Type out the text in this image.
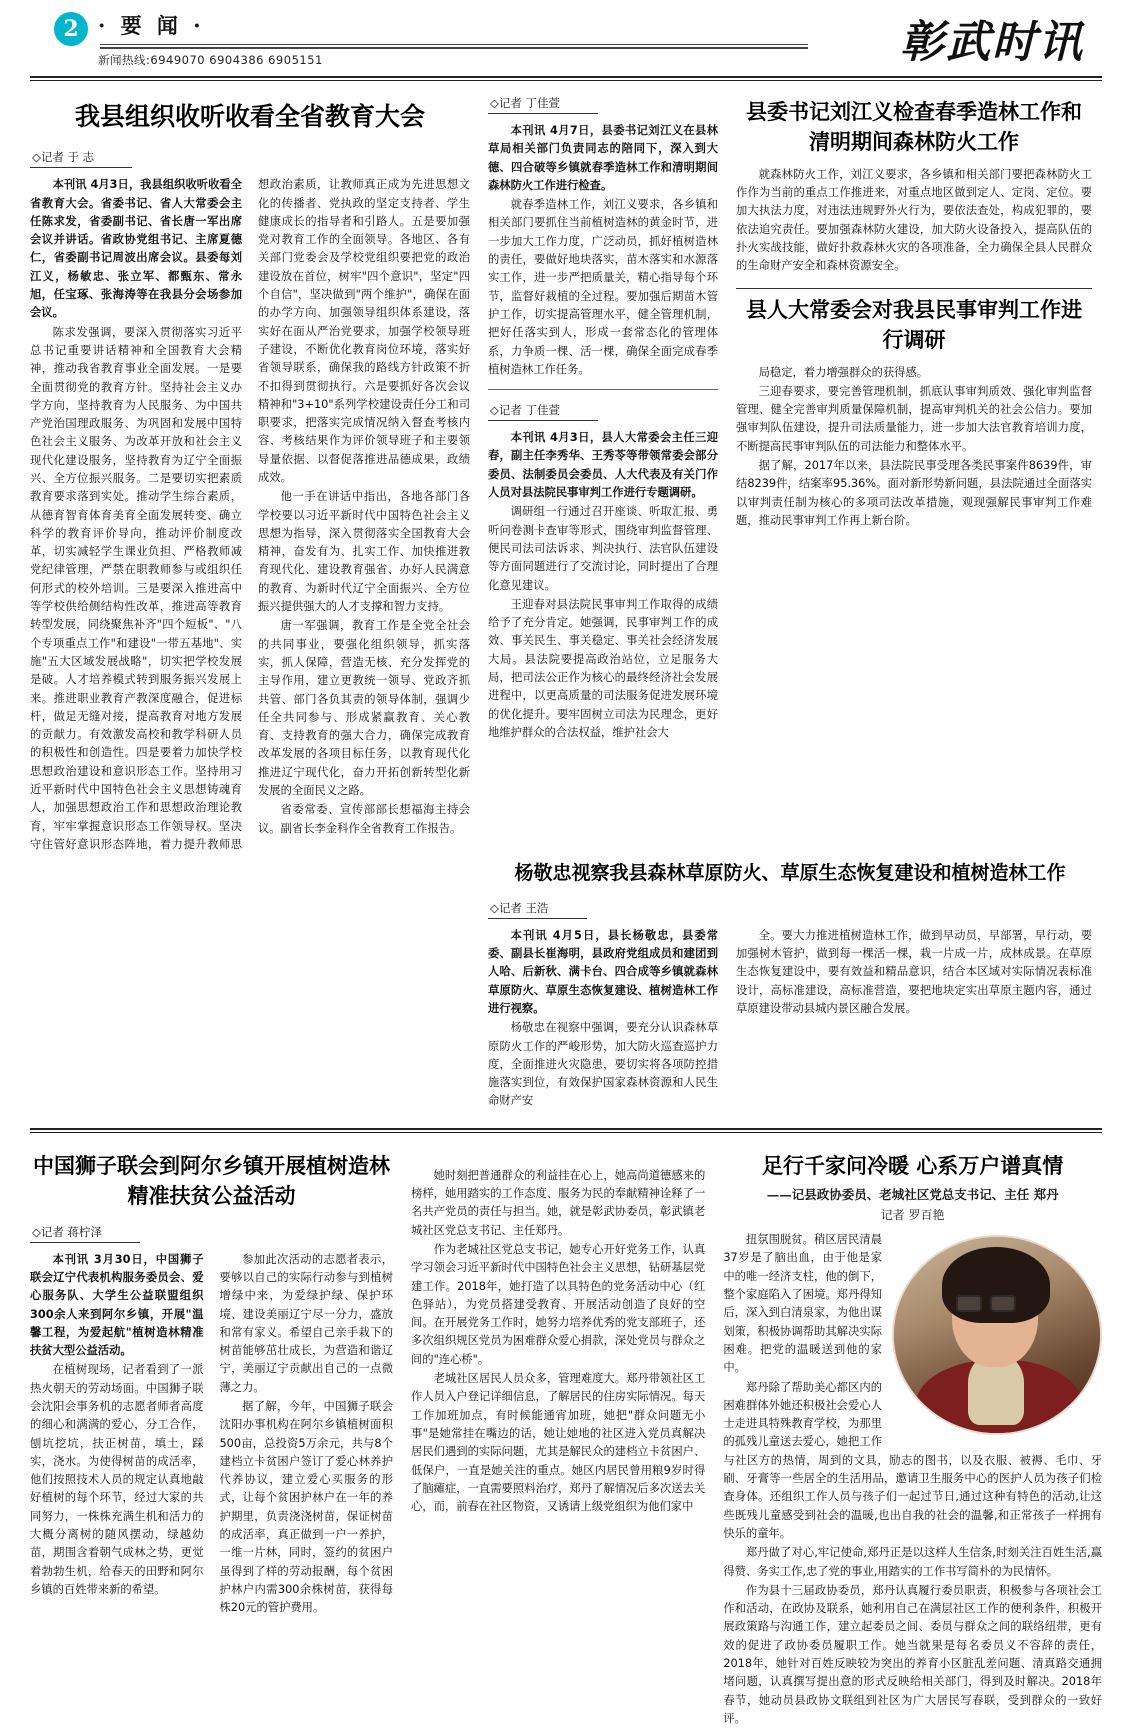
2 · 要 闻 ·
新闻热线:6949070 6904386 6905151	彰武时讯
我县组织收听收看全省教育大会
◇记者 于 志

本刊讯 4月3日，我县组织收听收看全省教育大会。省委书记、省人大常委会主任陈求发，省委副书记、省长唐一军出席会议并讲话。省政协党组书记、主席夏德仁，省委副书记周波出席会议。县委每刘江义，杨敏忠、张立军、都甄东、常永旭，任宝琢、张海涛等在我县分会场参加会议。

陈求发强调，要深入贯彻落实习近平总书记重要讲话精神和全国教育大会精神，推动我省教育事业全面发展。一是要全面贯彻党的教育方针。坚持社会主义办学方向，坚持教育为人民服务、为中国共产党治国理政服务、为巩固和发展中国特色社会主义服务、为改革开放和社会主义现代化建设服务，坚持教育为辽宁全面振兴、全方位振兴服务。二是要切实把素质教育要求落到实处。推动学生综合素质，从德育智育体育美育全面发展转变、确立科学的教育评价导向，推动评价制度改革，切实减轻学生课业负担、严格教师减党纪律管理，严禁在职教师参与或组织任何形式的校外培训。三是要深入推进高中等学校供给侧结构性改革，推进高等教育转型发展，同绕聚焦补齐"四个短板"、"八个专项重点工作"和建设"一带五基地"、实施"五大区域发展战略"，切实把学校发展是破。人才培养模式转到服务振兴发展上来。推进职业教育产教深度融合，促进标杆，做足无缝对接，提高教育对地方发展的贡献力。有效激发高校和教学科研人员的积极性和创造性。四是要着力加快学校思想政治建设和意识形态工作。坚持用习近平新时代中国特色社会主义思想铸魂育人，加强思想政治工作和思想政治理论教育，牢牢掌握意识形态工作领导权。坚决守住管好意识形态阵地，着力提升教师思想政治素质，让教师真正成为先进思想文化的传播者、党执政的坚定支持者、学生健康成长的指导者和引路人。五是要加强党对教育工作的全面领导。各地区、各有关部门党委会及学校党组织要把党的政治建设放在首位，树牢"四个意识"，坚定"四个自信"，坚决做到"两个维护"，确保在面的办学方向、加强领导组织体系建设，落实好在面从严治党要求，加强学校领导班子建设，不断优化教育岗位环境，落实好省领导联系，确保我的路线方针政策不折不扣得到贯彻执行。六是要抓好各次会议精神和"3+10"系列学校建设责任分工和司职要求，把落实完成情况纳入督查考核内容、考核结果作为评价领导班子和主要领导量依据、以督促落推进品德成果，政绩成效。

他一手在讲话中指出，各地各部门各学校要以习近平新时代中国特色社会主义思想为指导，深入贯彻落实全国教育大会精神，奋发有为、扎实工作、加快推进教育现代化、建设教育强省、办好人民满意的教育、为新时代辽宁全面振兴、全方位振兴提供强大的人才支撑和智力支持。

唐一军强调，教育工作是全党全社会的共同事业，要强化组织领导，抓实落实，抓人保障，营造无核、充分发挥党的主导作用，建立更教统一领导、党政齐抓共管、部门各负其责的领导体制，强调少任全共同参与、形成紧赢教育、关心教育、支持教育的强大合力，确保完成教育改革发展的各项目标任务，以教育现代化推进辽宁现代化，奋力开拓创新转型化新发展的全面民义之路。

省委常委、宣传部部长想福海主持会议。副省长李金科作全省教育工作报告。

◇记者 丁佳萱

本刊讯 4月7日，县委书记刘江义在县林草局相关部门负责同志的陪同下，深入到大德、四合破等乡镇就春季造林工作和清明期间森林防火工作进行检查。

就春季造林工作，刘江义要求，各乡镇和相关部门要抓住当前植树造林的黄金时节，进一步加大工作力度，广泛动员，抓好植树造林的责任，要做好地块落实，苗木落实和水源落实工作，进一步严把质量关，精心指导每个环节，监督好栽植的全过程。要加强后期苗木管护工作，切实提高管理水平，健全管理机制，把好任落实到人，形成一套常态化的管理体系，力争质一棵、活一棵，确保全面完成春季植树造林工作任务。

◇记者 丁佳萱

本刊讯 4月3日，县人大常委会主任三迎春，副主任李秀华、王秀苓等带领常委会部分委员、法制委员会委员、人大代表及有关门作人员对县法院民事审判工作进行专题调研。

调研组一行通过召开座谈、听取汇报、勇听问卷测卡查审等形式，围绕审判监督管理、便民司法司法诉求、判决执行、法官队伍建设等方面同题进行了交流讨论，同时提出了合理化意见建议。

王迎春对县法院民事审判工作取得的成绩给予了充分肯定。她强调，民事审判工作的成效、事关民生、事关稳定、事关社会经济发展大局。县法院要提高政治站位，立足服务大局，把司法公正作为核心的最终经济社会发展进程中，以更高质量的司法服务促进发展环境的优化提升。要牢固树立司法为民理念，更好地维护群众的合法权益，维护社会大

县委书记刘江义检查春季造林工作和清明期间森林防火工作

就森林防火工作，刘江义要求，各乡镇和相关部门要把森林防火工作作为当前的重点工作推进来，对重点地区做到定人、定岗、定位。要加大执法力度，对违法违规野外火行为，要依法查处，构成犯罪的，要依法追究责任。要加强森林防火建设，加大防火设备投入，提高队伍的扑火实战技能，做好扑救森林火灾的各项准备，全力确保全县人民群众的生命财产安全和森林资源安全。

县人大常委会对我县民事审判工作进行调研

局稳定，着力增强群众的获得感。

三迎春要求，要完善管理机制，抓底认事审判质效、强化审判监督管理、健全完善审判质量保障机制，提高审判机关的社会公信力。要加强审判队伍建设，提升司法质量能力，进一步加大法官教育培训力度，不断提高民事审判队伍的司法能力和整体水平。

据了解，2017年以来，县法院民事受理各类民事案件8639件，审结8239件，结案率95.36%。面对新形势新问题，县法院通过全面落实以审判责任制为核心的多项司法改革措施，观现强解民事审判工作难题，推动民事审判工作再上新台阶。

杨敬忠视察我县森林草原防火、草原生态恢复建设和植树造林工作
◇记者 王浩

本刊讯 4月5日，县长杨敬忠，县委常委、副县长崔海明，县政府党组成员和建团到人哈、后新秋、满卡台、四合成等乡镇就森林草原防火、草原生态恢复建设、植树造林工作进行视察。

杨敬忠在视察中强调，要充分认识森林草原防火工作的严峻形势，加大防火巡查巡护力度，全面推进火灾隐患，要切实将各项防控措施落实到位，有效保护国家森林资源和人民生命财产安

全。要大力推进植树造林工作，做到早动员，早部署，早行动，要加强树木管护，做到每一棵活一棵，栽一片成一片，成林成景。在草原生态恢复建设中，要有效益和精品意识，结合本区域对实际情况表标准设计，高标准建设，高标准营造，要把地块定实出草原主题内容，通过草原建设带动县城内景区融合发展。

中国狮子联会到阿尔乡镇开展植树造林精准扶贫公益活动
◇记者 蒋柠泽

本刊讯 3月30日，中国狮子联会辽宁代表机构服务委员会、爱心服务队、大学生公益联盟组织300余人来到阿尔乡镇，开展"温馨工程，为爱起航"植树造林精准扶贫大型公益活动。

在植树现场，记者看到了一派热火朝天的劳动场面。中国狮子联会沈阳会事务机的志愿者师者高度的细心和满满的爱心，分工合作，刨坑挖坑，扶正树苗，填土，踩实，浇水。为使得树苗的成活率，他们按照技术人员的规定认真地敲好植树的每个环节，经过大家的共同努力，一株株充满生机和活力的大概分离树的随风摆动，绿越幼苗，期围含着朝气成林之势，更觉着勃勃生机，给春天的田野和阿尔乡镇的百姓带来新的希望。

参加此次活动的志愿者表示，要够以自己的实际行动参与到植树增绿中来，为爱绿护绿、保护环境、建设美丽辽宁尽一分力，盛放和常有家义。希望自己亲手栽下的树苗能够茁壮成长，为营造和谐辽宁，美丽辽宁贡献出自己的一点微薄之力。

据了解，今年，中国狮子联会沈阳办事机构在阿尔乡镇植树面积500亩，总投资5万余元，共与8个建档立卡贫困户签订了爱心林养护代养协议，建立爱心买服务的形式，让每个贫困护林户在一年的养护期里，负责浇浇树苗，保证树苗的成活率，真正做到一户一养护，一维一片林，同时，签约的贫困户虽得到了样的劳动报酬，每个贫困护林户内需300余株树苗，获得每株20元的管护费用。

她时刻把普通群众的利益挂在心上，她高尚道德感来的榜样，她用踏实的工作态度、服务为民的奉献精神诠释了一名共产党员的责任与担当。她，就是彰武协委员，彰武镇老城社区党总支书记、主任郑丹。

作为老城社区党总支书记，她专心开好党务工作，认真学习领会习近平新时代中国特色社会主义思想，钻研基层党建工作。2018年，她打造了以具特色的党务活动中心（红色驿站），为党员搭建受教育、开展活动创造了良好的空间。在开展党务工作时，她努力培养优秀的党支部班子，还多次组织规区党员为困难群众爱心捐款，深处党员与群众之间的"连心桥"。

老城社区居民人员众多，管理难度大。郑丹带领社区工作人员入户登记详细信息，了解居民的住房实际情况。每天工作加班加点，有时候能通宵加班，她把"群众问题无小事"是她常挂在嘴边的话，她让她地的社区进入党员真解决居民们遇到的实际问题，尤其是解民众的建档立卡贫困户、低保户，一直是她关注的重点。她区内居民曾用粮9岁时得了脑瘫症，一直需要照料治疗，郑丹了解情况后多次送去关心，而，前春在社区物资，又诱请上级党组织为他们家中

足行千家问冷暖 心系万户谱真情
——记县政协委员、老城社区党总支书记、主任 郑丹
记者 罗百艳

扭氛围脱贫。稍区居民清晨37岁是了脑出血，由于他是家中的唯一经济支柱，他的倒下，整个家庭陷入了困境。郑丹得知后，深入到白清泉家，为他出谋划策，积极协调帮助其解决实际困难。把党的温暖送到他的家中。

郑丹除了帮助美心都区内的困难群体外她还积极社会爱心人士走进具特殊教育学校，为那里的孤残儿童送去爱心，她把工作与社区方的热情，周到的文具，励志的图书，以及衣服、被褥、毛巾、牙刷、牙膏等一些居全的生活用品，邀请卫生服务中心的医护人员为孩子们检查身体。还组织工作人员与孩子们一起过节日,通过这种有特色的活动,让这些既残儿童感受到社会的温暖,也出自我的社会的温馨,和正常孩子一样拥有快乐的童年。

郑丹做了对心,牢记使命,郑丹正是以这样人生信条,时刻关注百姓生活,赢得赞、务实工作,忠了党的事业,用踏实的工作书写简朴的为民情怀。

作为县十三届政协委员，郑丹认真履行委员职责，积极参与各项社会工作和活动，在政协及联系，她利用自己在满层社区工作的便利条件，积极开展政策路与沟通工作，建立起委员之间、委员与群众之间的联络纽带，更有效的促进了政协委员履职工作。她当就果是每名委员义不容辞的责任，2018年，她针对百姓反映较为突出的养育小区脏乱差问题、清真路交通拥堵问题，认真撰写提出意的形式反映给相关部门，得到及时解决。2018年春节，她动员县政协文联组到社区为广大居民写春联，受到群众的一致好评。
